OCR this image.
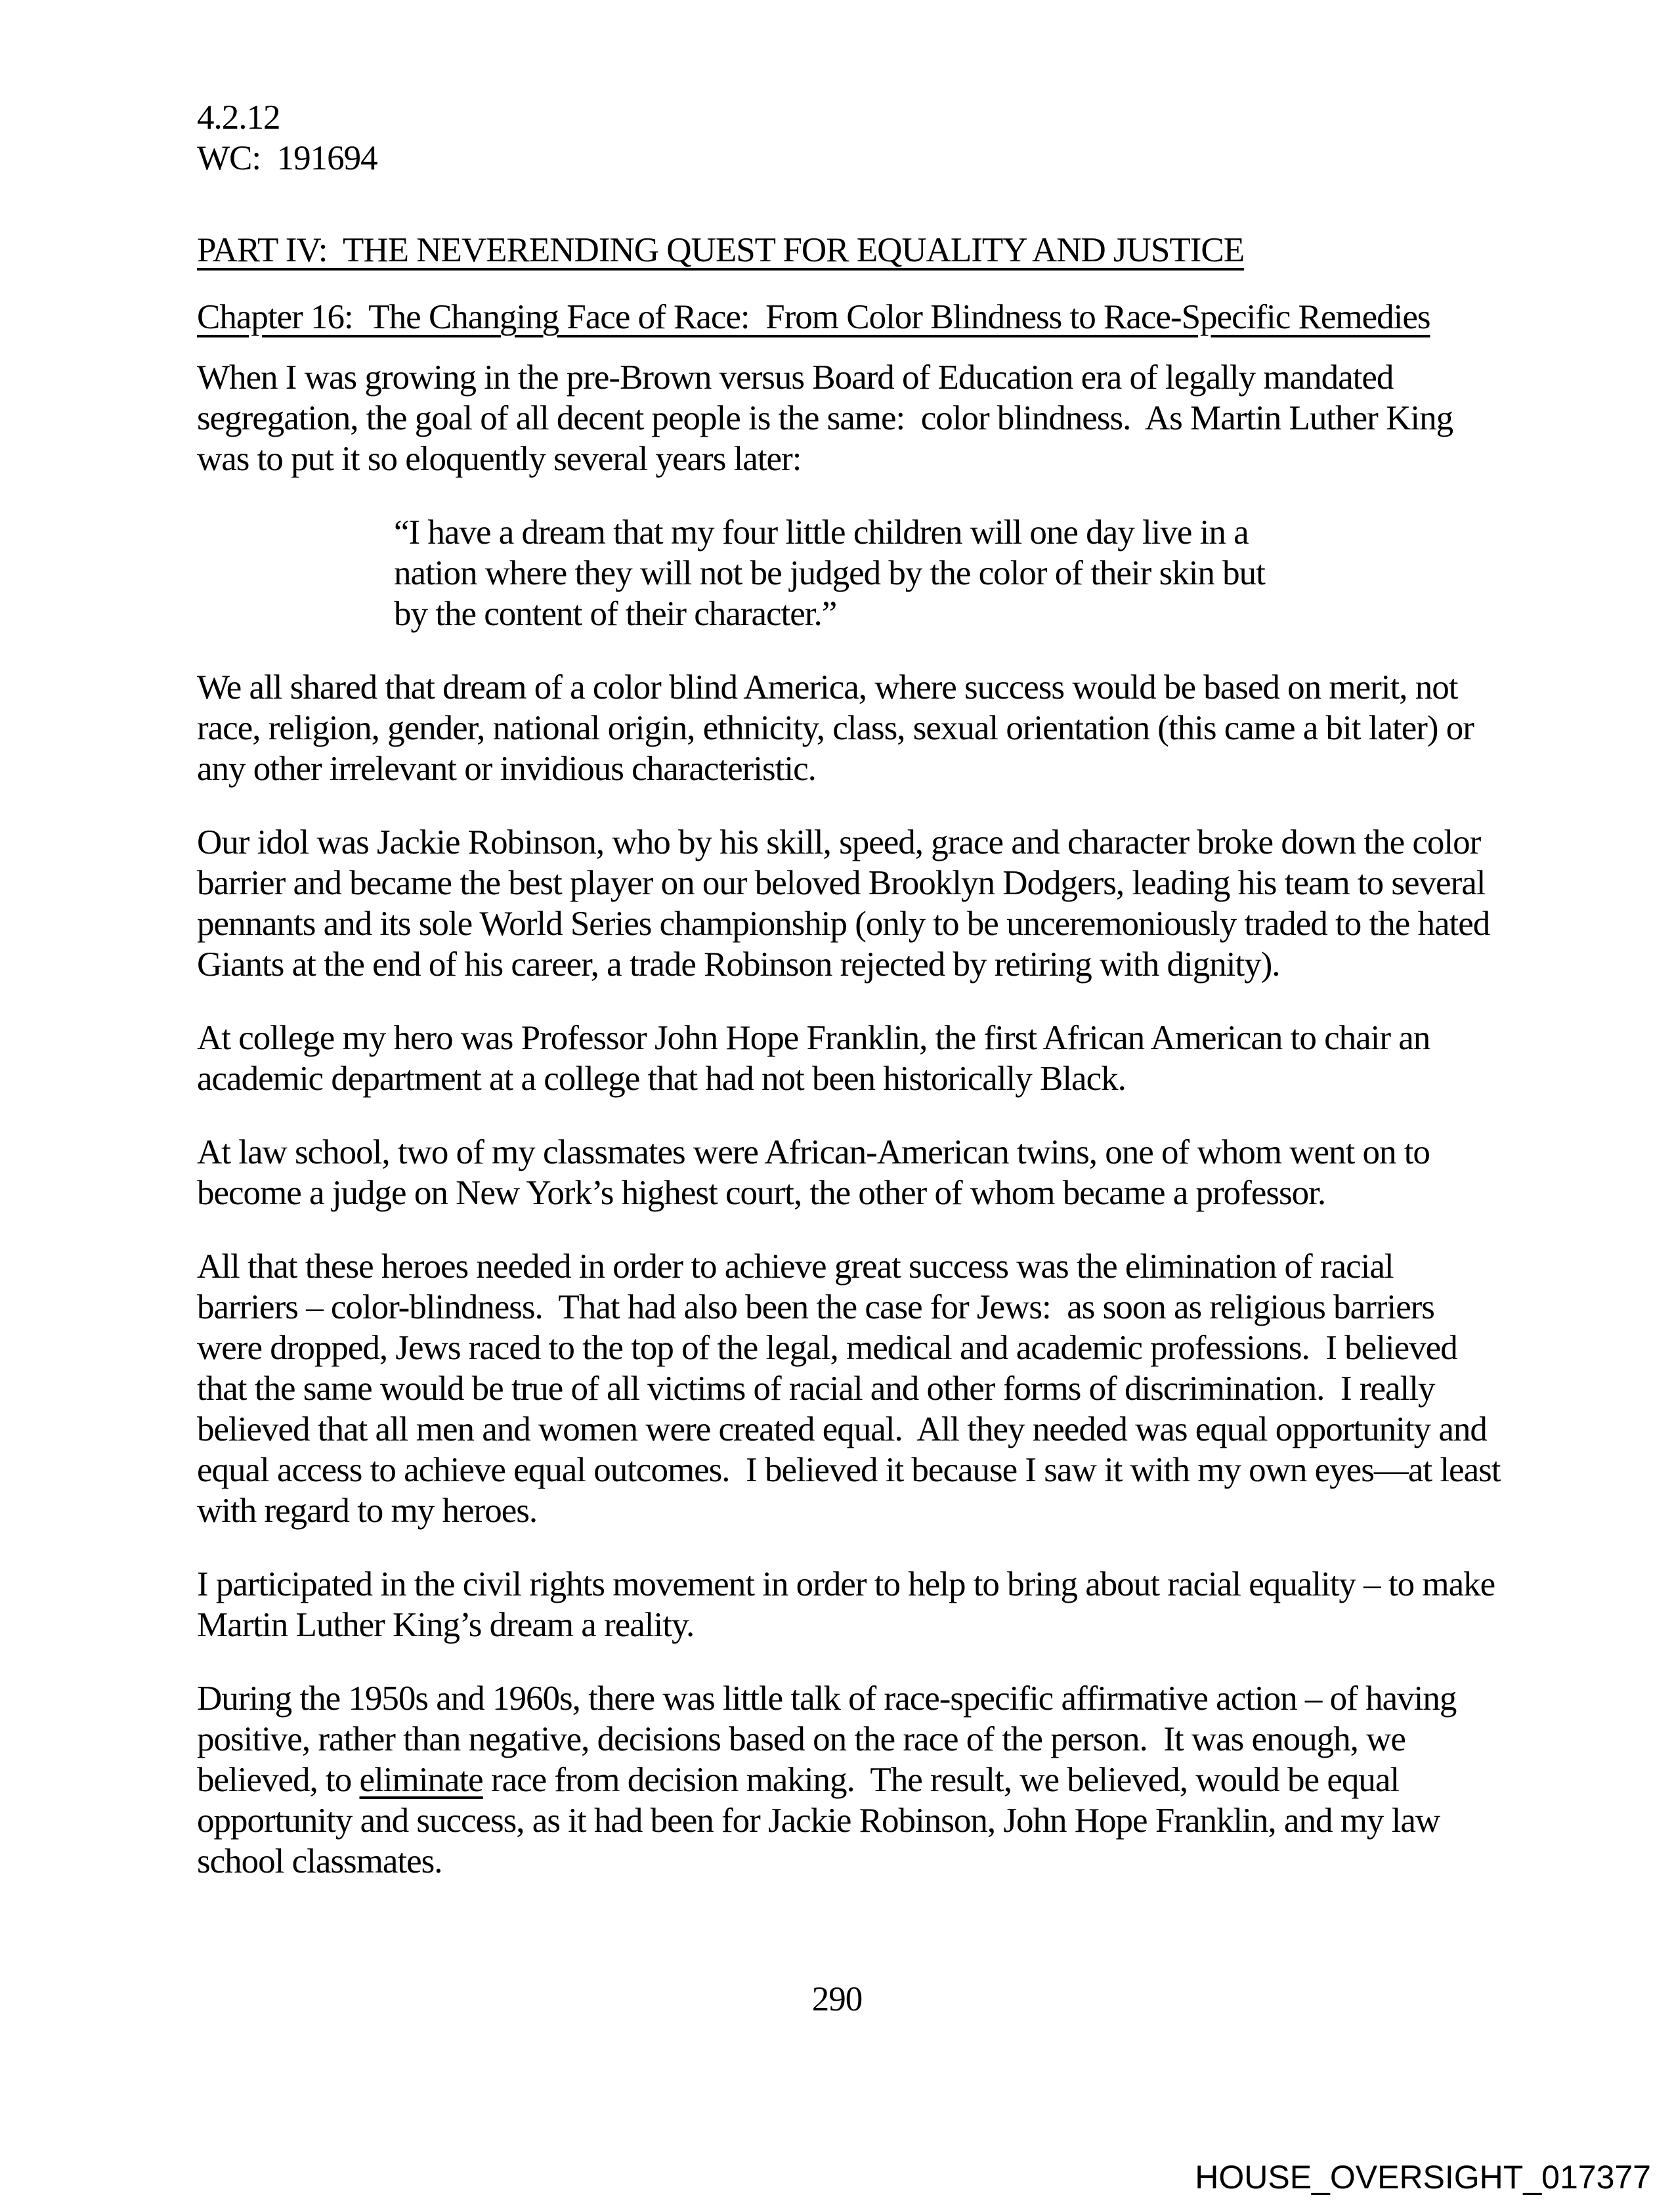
4.2.12
WC:  191694
PART IV:  THE NEVERENDING QUEST FOR EQUALITY AND JUSTICE
Chapter 16:  The Changing Face of Race:  From Color Blindness to Race-Specific Remedies
When I was growing in the pre-Brown versus Board of Education era of legally mandated
segregation, the goal of all decent people is the same:  color blindness.  As Martin Luther King
was to put it so eloquently several years later:
“I have a dream that my four little children will one day live in a
nation where they will not be judged by the color of their skin but
by the content of their character.”
We all shared that dream of a color blind America, where success would be based on merit, not
race, religion, gender, national origin, ethnicity, class, sexual orientation (this came a bit later) or
any other irrelevant or invidious characteristic.
Our idol was Jackie Robinson, who by his skill, speed, grace and character broke down the color
barrier and became the best player on our beloved Brooklyn Dodgers, leading his team to several
pennants and its sole World Series championship (only to be unceremoniously traded to the hated
Giants at the end of his career, a trade Robinson rejected by retiring with dignity).
At college my hero was Professor John Hope Franklin, the first African American to chair an
academic department at a college that had not been historically Black.
At law school, two of my classmates were African-American twins, one of whom went on to
become a judge on New York’s highest court, the other of whom became a professor.
All that these heroes needed in order to achieve great success was the elimination of racial
barriers – color-blindness.  That had also been the case for Jews:  as soon as religious barriers
were dropped, Jews raced to the top of the legal, medical and academic professions.  I believed
that the same would be true of all victims of racial and other forms of discrimination.  I really
believed that all men and women were created equal.  All they needed was equal opportunity and
equal access to achieve equal outcomes.  I believed it because I saw it with my own eyes—at least
with regard to my heroes.
I participated in the civil rights movement in order to help to bring about racial equality – to make
Martin Luther King’s dream a reality.
During the 1950s and 1960s, there was little talk of race-specific affirmative action – of having
positive, rather than negative, decisions based on the race of the person.  It was enough, we
believed, to eliminate race from decision making.  The result, we believed, would be equal
opportunity and success, as it had been for Jackie Robinson, John Hope Franklin, and my law
school classmates.
290
HOUSE_OVERSIGHT_017377
